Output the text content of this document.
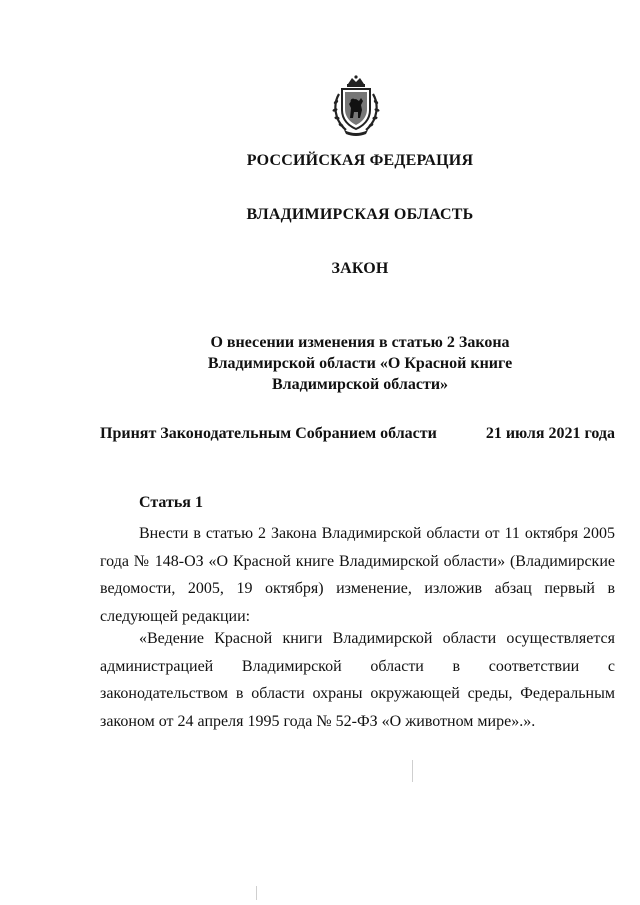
РОССИЙСКАЯ ФЕДЕРАЦИЯ
ВЛАДИМИРСКАЯ ОБЛАСТЬ
ЗАКОН
О внесении изменения в статью 2 Закона
Владимирской области «О Красной книге
Владимирской области»
Принят Законодательным Собранием области	21 июля 2021 года
Статья 1
Внести в статью 2 Закона Владимирской области от 11 октября 2005 года № 148-ОЗ «О Красной книге Владимирской области» (Владимирские ведомости, 2005, 19 октября) изменение, изложив абзац первый в следующей редакции:
«Ведение Красной книги Владимирской области осуществляется администрацией Владимирской области в соответствии с законодательством в области охраны окружающей среды, Федеральным законом от 24 апреля 1995 года № 52-ФЗ «О животном мире».».
